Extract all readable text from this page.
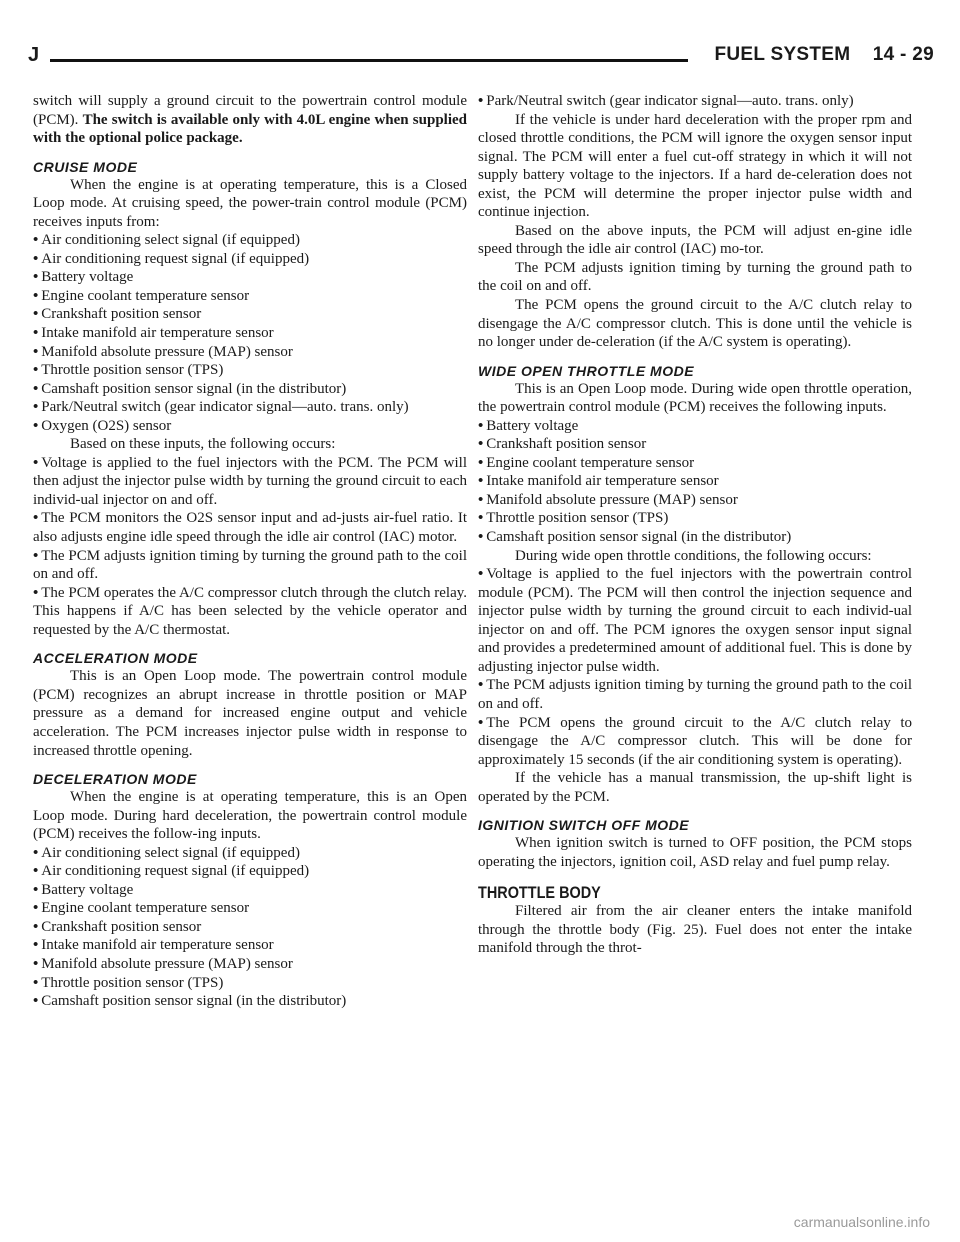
J	FUEL SYSTEM 14 - 29

switch will supply a ground circuit to the powertrain control module (PCM). The switch is available only with 4.0L engine when supplied with the optional police package.

CRUISE MODE

When the engine is at operating temperature, this is a Closed Loop mode. At cruising speed, the power-train control module (PCM) receives inputs from:

• Air conditioning select signal (if equipped)

• Air conditioning request signal (if equipped)

• Battery voltage

• Engine coolant temperature sensor

• Crankshaft position sensor

• Intake manifold air temperature sensor

• Manifold absolute pressure (MAP) sensor

• Throttle position sensor (TPS)

• Camshaft position sensor signal (in the distributor)

• Park/Neutral switch (gear indicator signal—auto. trans. only)

• Oxygen (O2S) sensor

Based on these inputs, the following occurs:

• Voltage is applied to the fuel injectors with the PCM. The PCM will then adjust the injector pulse width by turning the ground circuit to each individ-ual injector on and off.

• The PCM monitors the O2S sensor input and ad-justs air-fuel ratio. It also adjusts engine idle speed through the idle air control (IAC) motor.

• The PCM adjusts ignition timing by turning the ground path to the coil on and off.

• The PCM operates the A/C compressor clutch through the clutch relay. This happens if A/C has been selected by the vehicle operator and requested by the A/C thermostat.

ACCELERATION MODE

This is an Open Loop mode. The powertrain control module (PCM) recognizes an abrupt increase in throttle position or MAP pressure as a demand for increased engine output and vehicle acceleration. The PCM increases injector pulse width in response to increased throttle opening.

DECELERATION MODE

When the engine is at operating temperature, this is an Open Loop mode. During hard deceleration, the powertrain control module (PCM) receives the follow-ing inputs.

• Air conditioning select signal (if equipped)

• Air conditioning request signal (if equipped)

• Battery voltage

• Engine coolant temperature sensor

• Crankshaft position sensor

• Intake manifold air temperature sensor

• Manifold absolute pressure (MAP) sensor

• Throttle position sensor (TPS)

• Camshaft position sensor signal (in the distributor)

• Park/Neutral switch (gear indicator signal—auto. trans. only)

If the vehicle is under hard deceleration with the proper rpm and closed throttle conditions, the PCM will ignore the oxygen sensor input signal. The PCM will enter a fuel cut-off strategy in which it will not supply battery voltage to the injectors. If a hard de-celeration does not exist, the PCM will determine the proper injector pulse width and continue injection.

Based on the above inputs, the PCM will adjust en-gine idle speed through the idle air control (IAC) mo-tor.

The PCM adjusts ignition timing by turning the ground path to the coil on and off.

The PCM opens the ground circuit to the A/C clutch relay to disengage the A/C compressor clutch. This is done until the vehicle is no longer under de-celeration (if the A/C system is operating).

WIDE OPEN THROTTLE MODE

This is an Open Loop mode. During wide open throttle operation, the powertrain control module (PCM) receives the following inputs.

• Battery voltage

• Crankshaft position sensor

• Engine coolant temperature sensor

• Intake manifold air temperature sensor

• Manifold absolute pressure (MAP) sensor

• Throttle position sensor (TPS)

• Camshaft position sensor signal (in the distributor)

During wide open throttle conditions, the following occurs:

• Voltage is applied to the fuel injectors with the powertrain control module (PCM). The PCM will then control the injection sequence and injector pulse width by turning the ground circuit to each individ-ual injector on and off. The PCM ignores the oxygen sensor input signal and provides a predetermined amount of additional fuel. This is done by adjusting injector pulse width.

• The PCM adjusts ignition timing by turning the ground path to the coil on and off.

• The PCM opens the ground circuit to the A/C clutch relay to disengage the A/C compressor clutch. This will be done for approximately 15 seconds (if the air conditioning system is operating).

If the vehicle has a manual transmission, the up-shift light is operated by the PCM.

IGNITION SWITCH OFF MODE

When ignition switch is turned to OFF position, the PCM stops operating the injectors, ignition coil, ASD relay and fuel pump relay.

THROTTLE BODY

Filtered air from the air cleaner enters the intake manifold through the throttle body (Fig. 25). Fuel does not enter the intake manifold through the throt-

carmanualsonline.info
